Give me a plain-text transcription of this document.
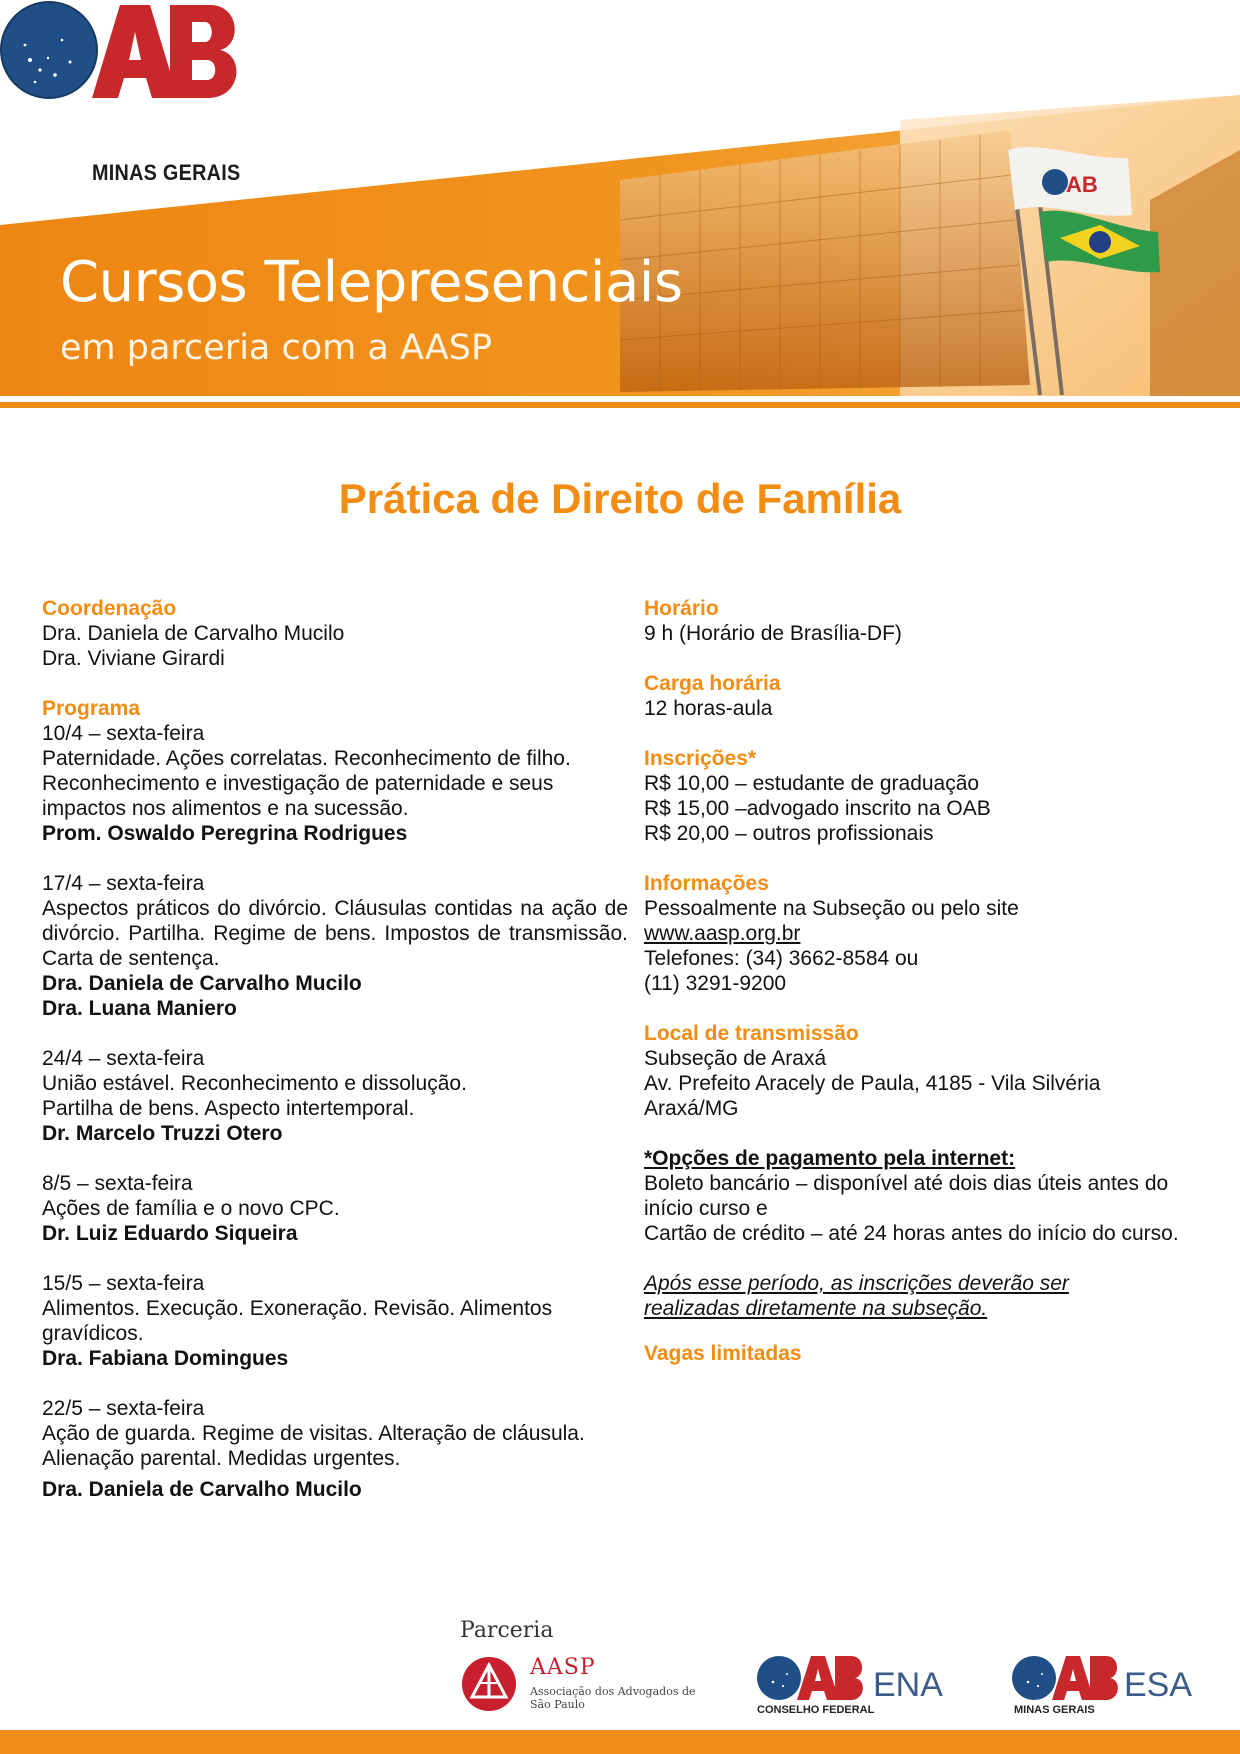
AB
MINAS GERAIS
Cursos Telepresenciais
em parceria com a AASP
Prática de Direito de Família
Coordenação
Dra. Daniela de Carvalho Mucilo
Dra. Viviane Girardi
Programa
10/4 – sexta-feira
Paternidade. Ações correlatas. Reconhecimento de filho. Reconhecimento e investigação de paternidade e seus impactos nos alimentos e na sucessão.
Prom. Oswaldo Peregrina Rodrigues
17/4 – sexta-feira
Aspectos práticos do divórcio. Cláusulas contidas na ação de divórcio. Partilha. Regime de bens. Impostos de transmissão. Carta de sentença.
Dra. Daniela de Carvalho Mucilo
Dra. Luana Maniero
24/4 – sexta-feira
União estável. Reconhecimento e dissolução.
Partilha de bens. Aspecto intertemporal.
Dr. Marcelo Truzzi Otero
8/5 – sexta-feira
Ações de família e o novo CPC.
Dr. Luiz Eduardo Siqueira
15/5 – sexta-feira
Alimentos. Execução. Exoneração. Revisão. Alimentos gravídicos.
Dra. Fabiana Domingues
22/5 – sexta-feira
Ação de guarda. Regime de visitas. Alteração de cláusula.
Alienação parental. Medidas urgentes.
Dra. Daniela de Carvalho Mucilo
Horário
9 h (Horário de Brasília-DF)
Carga horária
12 horas-aula
Inscrições*
R$ 10,00 – estudante de graduação
R$ 15,00 –advogado inscrito na OAB
R$ 20,00 – outros profissionais
Informações
Pessoalmente na Subseção ou pelo site
www.aasp.org.br
Telefones: (34) 3662-8584 ou
(11) 3291-9200
Local de transmissão
Subseção de Araxá
Av. Prefeito Aracely de Paula, 4185 - Vila Silvéria
Araxá/MG
*Opções de pagamento pela internet:
Boleto bancário – disponível até dois dias úteis antes do início curso e
Cartão de crédito – até 24 horas antes do início do curso.
Após esse período, as inscrições deverão ser realizadas diretamente na subseção.
Vagas limitadas
Parceria
AASP
Associação dos Advogados de São Paulo	CONSELHO FEDERAL
ENA
MINAS GERAIS
ESA
